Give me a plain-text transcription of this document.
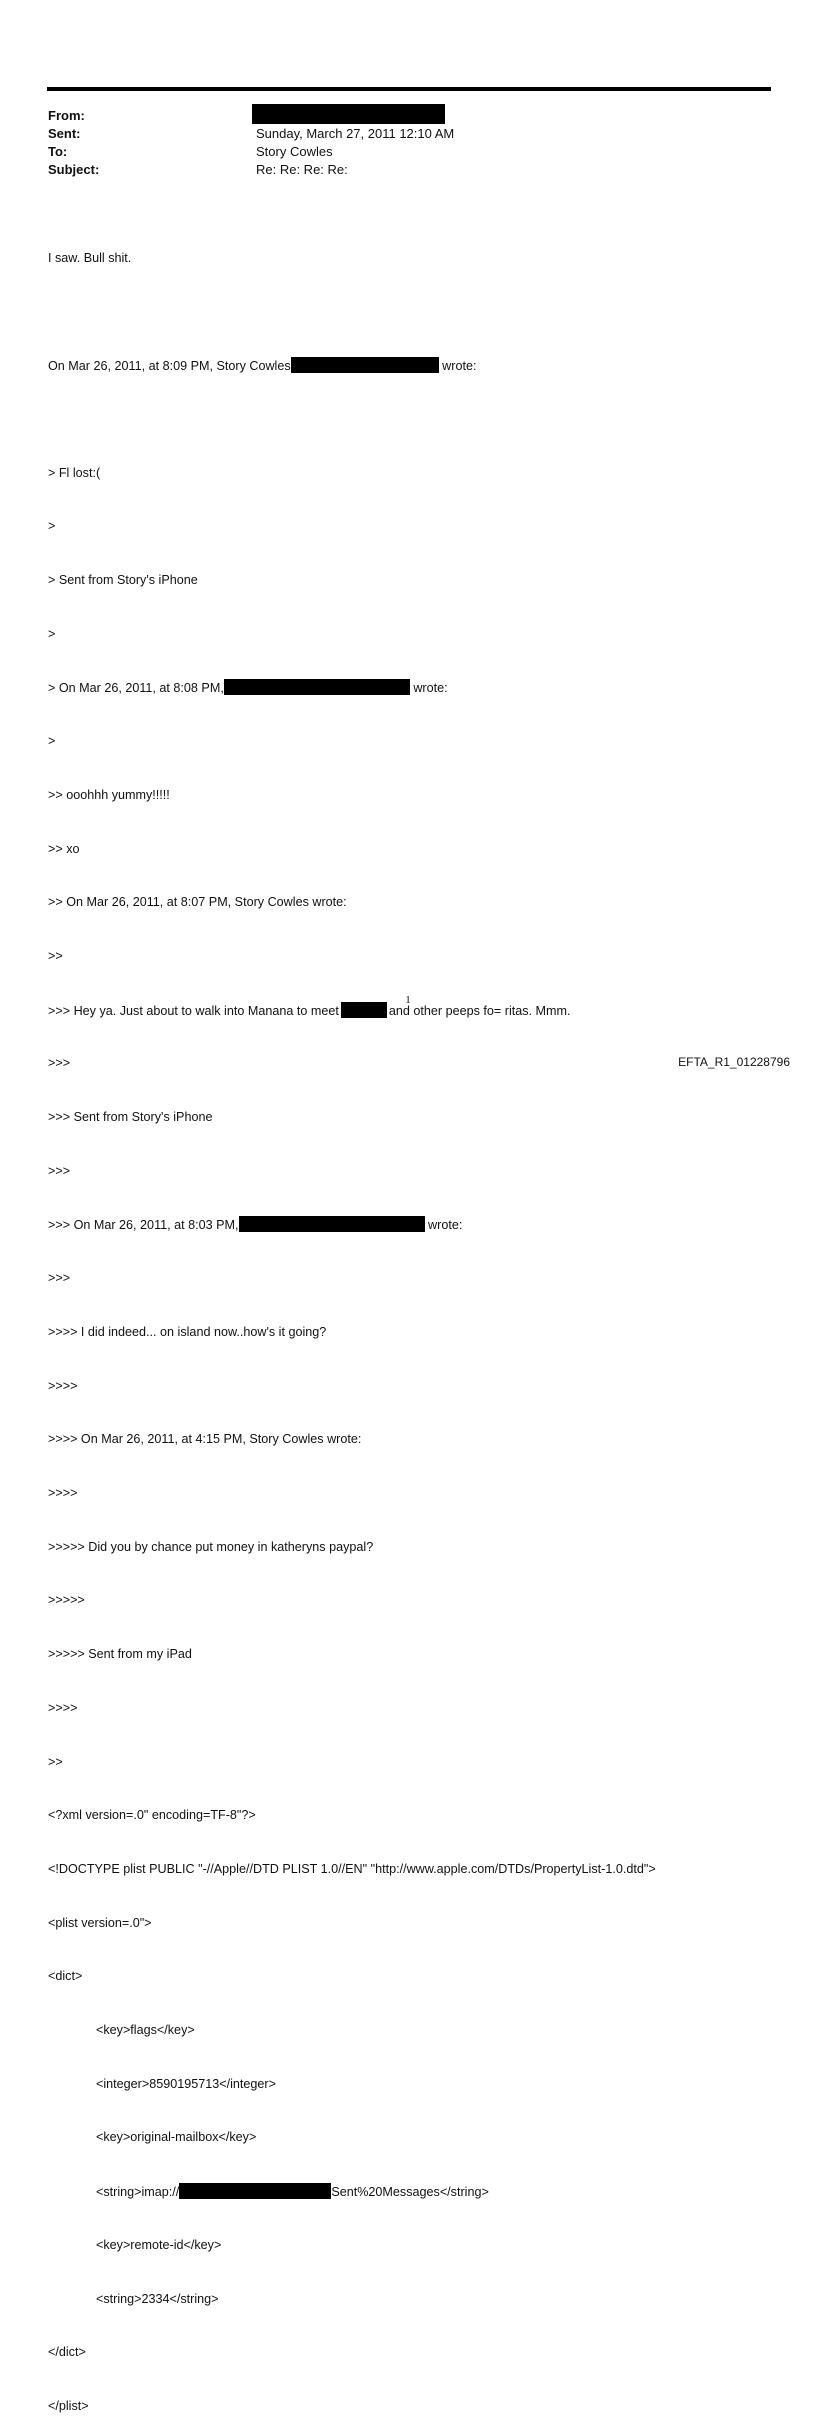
From:
Sent:	Sunday, March 27, 2011 12:10 AM
To:	Story Cowles
Subject:	Re: Re: Re: Re:

I saw. Bull shit.

On Mar 26, 2011, at 8:09 PM, Story Cowles	wrote:

> Fl lost:(

>

> Sent from Story's iPhone

>

> On Mar 26, 2011, at 8:08 PM,	wrote:

>

>> ooohhh yummy!!!!!

>> xo

>> On Mar 26, 2011, at 8:07 PM, Story Cowles wrote:

>>

>>> Hey ya. Just about to walk into Manana to meet	and other peeps fo= ritas. Mmm.

>>>

>>> Sent from Story's iPhone

>>>

>>> On Mar 26, 2011, at 8:03 PM,	wrote:

>>>

>>>> I did indeed... on island now..how's it going?

>>>>

>>>> On Mar 26, 2011, at 4:15 PM, Story Cowles wrote:

>>>>

>>>>> Did you by chance put money in katheryns paypal?

>>>>>

>>>>> Sent from my iPad

>>>>

>>

<?xml version=.0" encoding=TF-8"?>

<!DOCTYPE plist PUBLIC "-//Apple//DTD PLIST 1.0//EN" "http://www.apple.com/DTDs/PropertyList-1.0.dtd">

<plist version=.0">

<dict>

<key>flags</key>

<integer>8590195713</integer>

<key>original-mailbox</key>

<string>imap://	Sent%20Messages</string>

<key>remote-id</key>

<string>2334</string>

</dict>

</plist>

1
EFTA_R1_01228796
